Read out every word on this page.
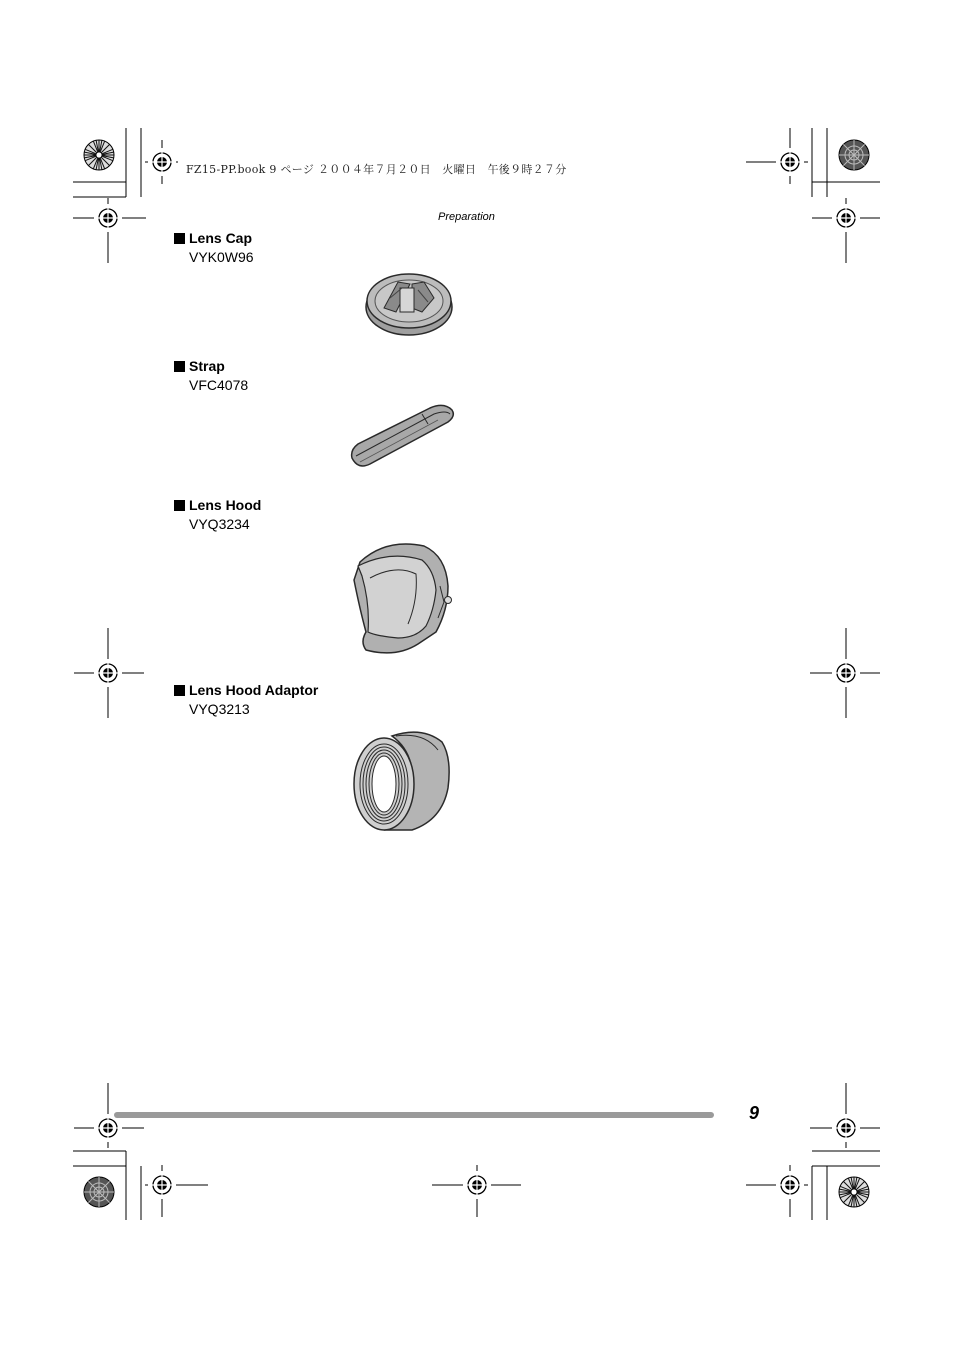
FZ15-PP.book 9 ページ ２００４年７月２０日　火曜日　午後９時２７分
Preparation
Lens Cap
VYK0W96
Strap
VFC4078
Lens Hood
VYQ3234
Lens Hood Adaptor
VYQ3213
9
